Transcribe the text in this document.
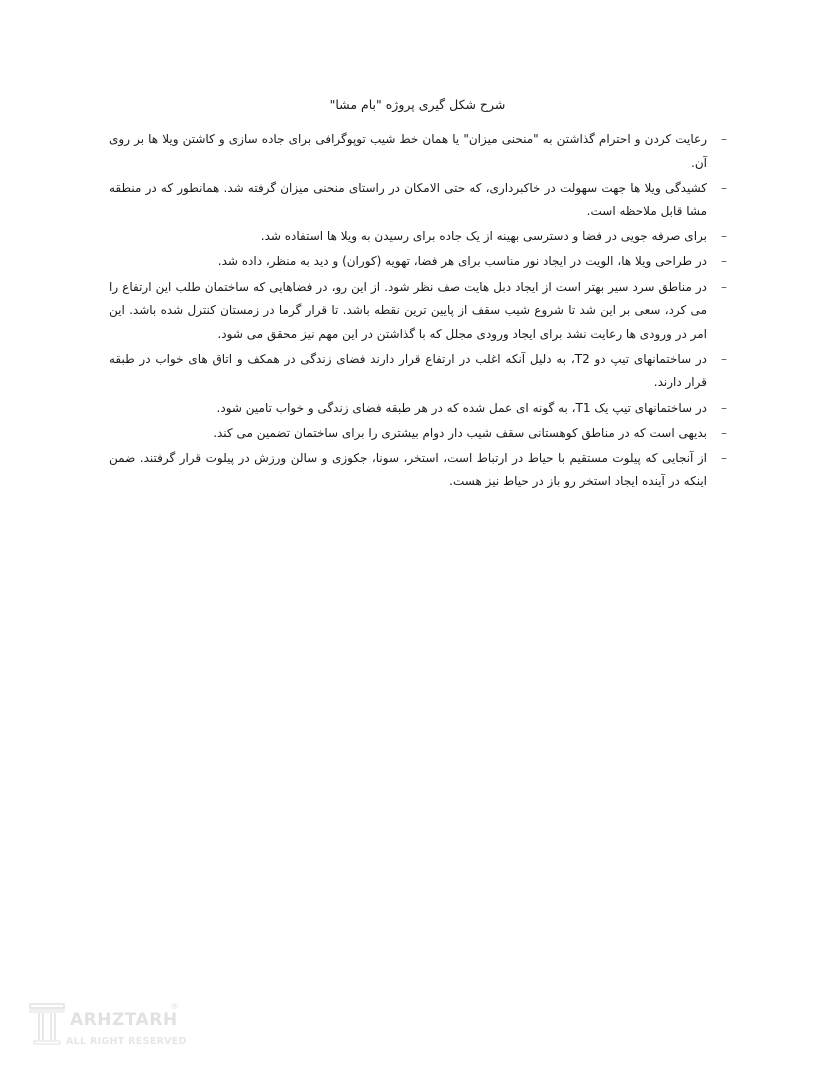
شرح شکل گیری پروژه "بام مشا"
–
رعایت کردن و احترام گذاشتن به "منحنی میزان" یا همان خط شیب توپوگرافی برای جاده سازی و کاشتن ویلا ها بر روی آن.
–
کشیدگی ویلا ها جهت سهولت در خاکبرداری، که حتی الامکان در راستای منحنی میزان گرفته شد. همانطور که در منطقه مشا قابل ملاحظه است.
–
برای صرفه جویی در فضا و دسترسی بهینه از یک جاده برای رسیدن به ویلا ها استفاده شد.
–
در طراحی ویلا ها، الویت در ایجاد نور مناسب برای هر فضا، تهویه (کوران) و دید به منظر، داده شد.
–
در مناطق سرد سیر بهتر است از ایجاد دبل هایت صف نظر شود. از این رو، در فضاهایی که ساختمان طلب این ارتفاع را می کرد، سعی بر این شد تا شروع شیب سقف از پایین ترین نقطه باشد. تا قرار گرما در زمستان کنترل شده باشد. این امر در ورودی ها رعایت نشد برای ایجاد ورودی مجلل که با گذاشتن در این مهم نیز محقق می شود.
–
در ساختمانهای تیپ دو T2، به دلیل آنکه اغلب در ارتفاع قرار دارند فضای زندگی در همکف و اتاق های خواب در طبقه قرار دارند.
–
در ساختمانهای تیپ یک T1، به گونه ای عمل شده که در هر طبقه فضای زندگی و خواب تامین شود.
–
بدیهی است که در مناطق کوهستانی سقف شیب دار دوام بیشتری را برای ساختمان تضمین می کند.
–
از آنجایی که پیلوت مستقیم با حیاط در ارتباط است، استخر، سونا، جکوزی و سالن ورزش در پیلوت قرار گرفتند. ضمن اینکه در آینده ایجاد استخر رو باز در حیاط نیز هست.
ARHZTARH
®
ALL RIGHT RESERVED
